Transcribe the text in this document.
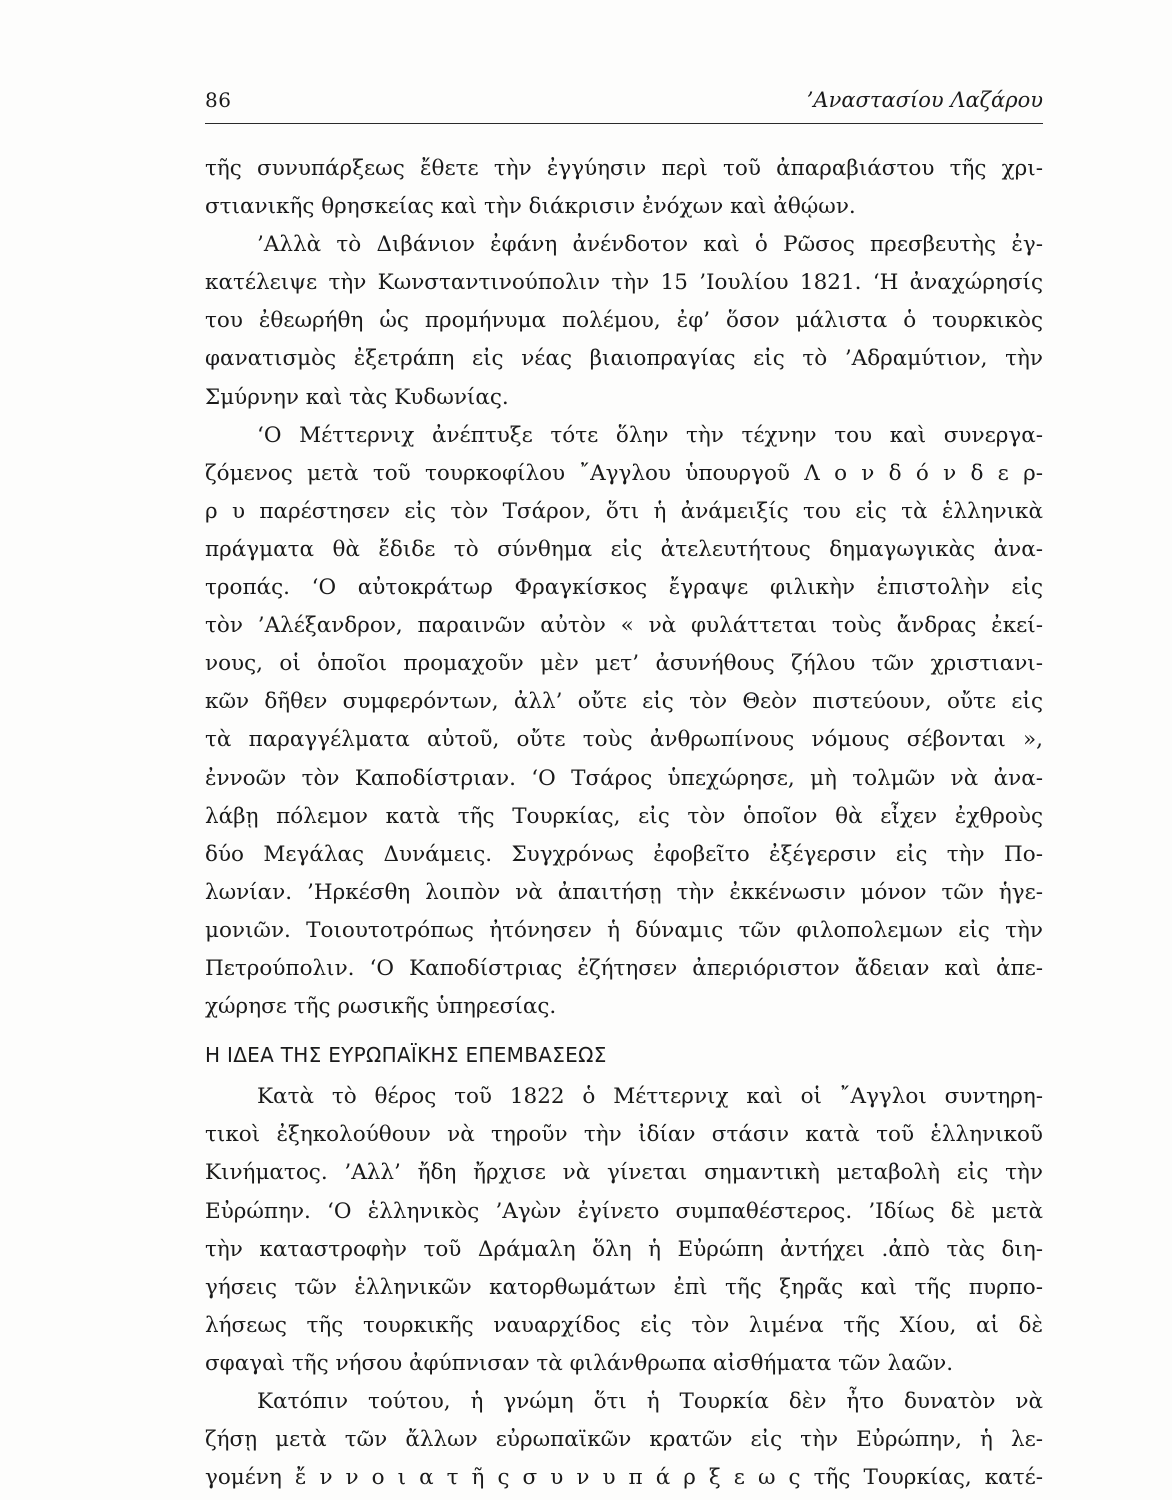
86	’Αναστασίου Λαζάρου
τῆς συνυπάρξεως ἔθετε τὴν ἐγγύησιν περὶ τοῦ ἀπαραβιάστου τῆς χρι-
στιανικῆς θρησκείας καὶ τὴν διάκρισιν ἐνόχων καὶ ἀθῴων.
’Αλλὰ τὸ Διβάνιον ἐφάνη ἀνένδοτον καὶ ὁ Ρῶσος πρεσβευτὴς ἐγ-
κατέλειψε τὴν Κωνσταντινούπολιν τὴν 15 ’Ιουλίου 1821. ‘Η ἀναχώρησίς
του ἐθεωρήθη ὡς προμήνυμα πολέμου, ἐφ’ ὅσον μάλιστα ὁ τουρκικὸς
φανατισμὸς ἐξετράπη εἰς νέας βιαιοπραγίας εἰς τὸ ’Αδραμύτιον, τὴν
Σμύρνην καὶ τὰς Κυδωνίας.
‘Ο Μέττερνιχ ἀνέπτυξε τότε ὅλην τὴν τέχνην του καὶ συνεργα-
ζόμενος μετὰ τοῦ τουρκοφίλου ῎Αγγλου ὑπουργοῦ Λ ο ν δ ό ν δ ε ρ-
ρ υ παρέστησεν εἰς τὸν Τσάρον, ὅτι ἡ ἀνάμειξίς του εἰς τὰ ἑλληνικὰ
πράγματα θὰ ἔδιδε τὸ σύνθημα εἰς ἀτελευτήτους δημαγωγικὰς ἀνα-
τροπάς. ‘Ο αὐτοκράτωρ Φραγκίσκος ἔγραψε φιλικὴν ἐπιστολὴν εἰς
τὸν ’Αλέξανδρον, παραινῶν αὐτὸν « νὰ φυλάττεται τοὺς ἄνδρας ἐκεί-
νους, οἱ ὁποῖοι προμαχοῦν μὲν μετ’ ἀσυνήθους ζήλου τῶν χριστιανι-
κῶν δῆθεν συμφερόντων, ἀλλ’ οὔτε εἰς τὸν Θεὸν πιστεύουν, οὔτε εἰς
τὰ παραγγέλματα αὐτοῦ, οὔτε τοὺς ἀνθρωπίνους νόμους σέβονται »,
ἐννοῶν τὸν Καποδίστριαν. ‘Ο Τσάρος ὑπεχώρησε, μὴ τολμῶν νὰ ἀνα-
λάβῃ πόλεμον κατὰ τῆς Τουρκίας, εἰς τὸν ὁποῖον θὰ εἶχεν ἐχθροὺς
δύο Μεγάλας Δυνάμεις. Συγχρόνως ἐφοβεῖτο ἐξέγερσιν εἰς τὴν Πο-
λωνίαν. ’Ηρκέσθη λοιπὸν νὰ ἀπαιτήσῃ τὴν ἐκκένωσιν μόνον τῶν ἡγε-
μονιῶν. Τοιουτοτρόπως ἠτόνησεν ἡ δύναμις τῶν φιλοπολεμων εἰς τὴν
Πετρούπολιν. ‘Ο Καποδίστριας ἐζήτησεν ἀπεριόριστον ἄδειαν καὶ ἀπε-
χώρησε τῆς ρωσικῆς ὑπηρεσίας.
Η ΙΔΕΑ ΤΗΣ ΕΥΡΩΠΑΪΚΗΣ ΕΠΕΜΒΑΣΕΩΣ
Κατὰ τὸ θέρος τοῦ 1822 ὁ Μέττερνιχ καὶ οἱ ῎Αγγλοι συντηρη-
τικοὶ ἐξηκολούθουν νὰ τηροῦν τὴν ἰδίαν στάσιν κατὰ τοῦ ἑλληνικοῦ
Κινήματος. ’Αλλ’ ἤδη ἤρχισε νὰ γίνεται σημαντικὴ μεταβολὴ εἰς τὴν
Εὐρώπην. ‘Ο ἑλληνικὸς ’Αγὼν ἐγίνετο συμπαθέστερος. ’Ιδίως δὲ μετὰ
τὴν καταστροφὴν τοῦ Δράμαλη ὅλη ἡ Εὐρώπη ἀντήχει .ἀπὸ τὰς διη-
γήσεις τῶν ἑλληνικῶν κατορθωμάτων ἐπὶ τῆς ξηρᾶς καὶ τῆς πυρπο-
λήσεως τῆς τουρκικῆς ναυαρχίδος εἰς τὸν λιμένα τῆς Χίου, αἱ δὲ
σφαγαὶ τῆς νήσου ἀφύπνισαν τὰ φιλάνθρωπα αἰσθήματα τῶν λαῶν.
Κατόπιν τούτου, ἡ γνώμη ὅτι ἡ Τουρκία δὲν ἦτο δυνατὸν νὰ
ζήσῃ μετὰ τῶν ἄλλων εὐρωπαϊκῶν κρατῶν εἰς τὴν Εὐρώπην, ἡ λε-
γομένη ἔ ν ν ο ι α τ ῆ ς σ υ ν υ π ά ρ ξ ε ω ς τῆς Τουρκίας, κατέ-
